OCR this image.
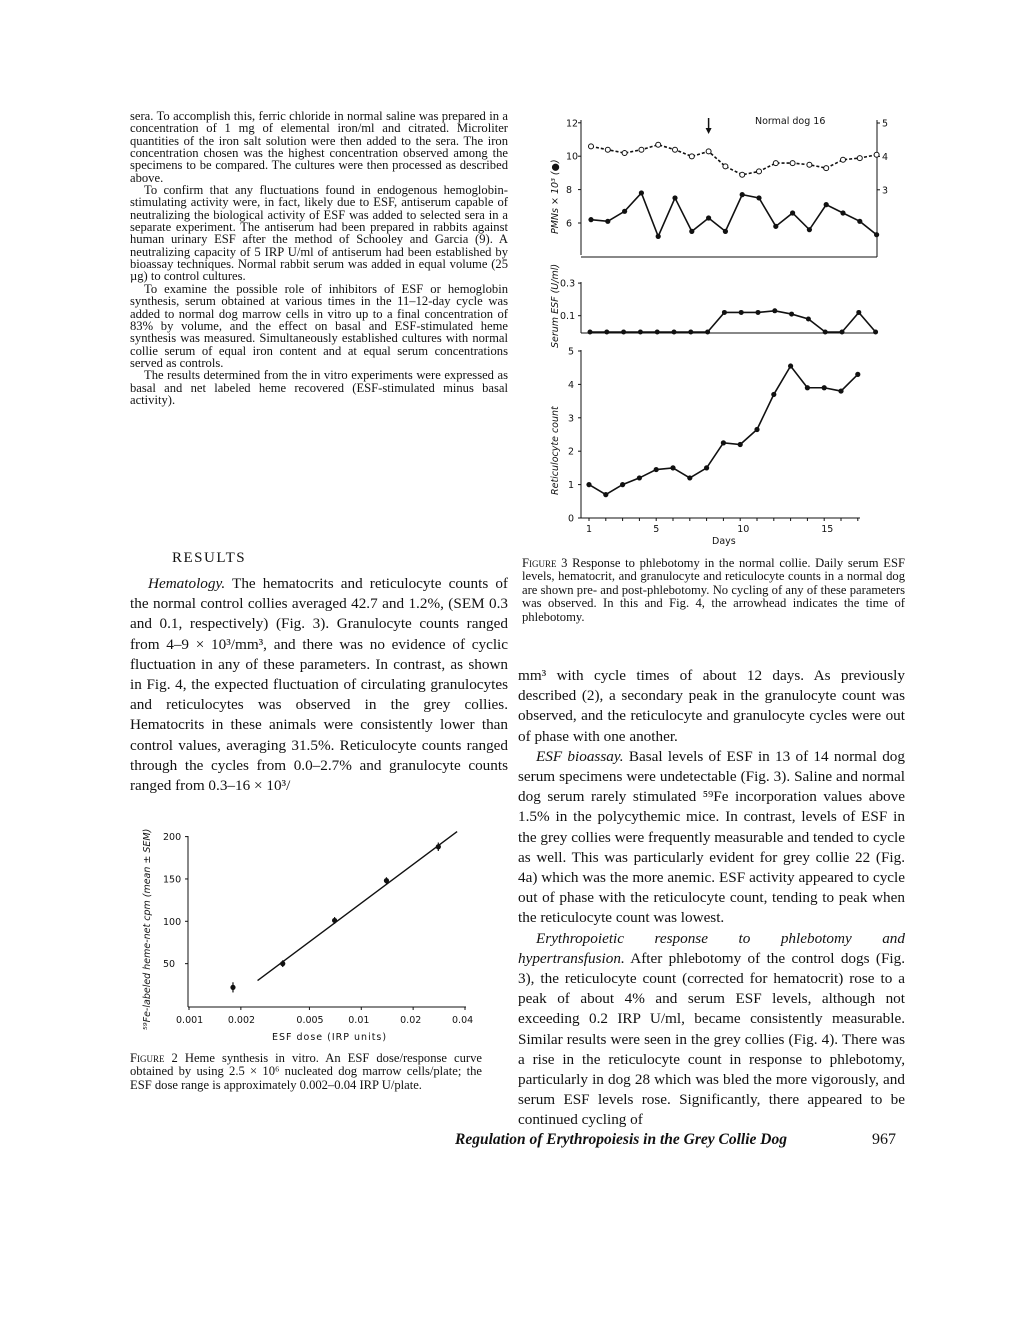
sera. To accomplish this, ferric chloride in normal saline was prepared in a concentration of 1 mg of elemental iron/ml and citrated. Microliter quantities of the iron salt solution were then added to the sera. The iron concentration chosen was the highest concentration observed among the specimens to be compared. The cultures were then processed as described above.

To confirm that any fluctuations found in endogenous hemoglobin-stimulating activity were, in fact, likely due to ESF, antiserum capable of neutralizing the biological activity of ESF was added to selected sera in a separate experiment. The antiserum had been prepared in rabbits against human urinary ESF after the method of Schooley and Garcia (9). A neutralizing capacity of 5 IRP U/ml of antiserum had been established by bioassay techniques. Normal rabbit serum was added in equal volume (25 µg) to control cultures.

To examine the possible role of inhibitors of ESF or hemoglobin synthesis, serum obtained at various times in the 11–12-day cycle was added to normal dog marrow cells in vitro up to a final concentration of 83% by volume, and the effect on basal and ESF-stimulated heme synthesis was measured. Simultaneously established cultures with normal collie serum of equal iron content and at equal serum concentrations served as controls.

The results determined from the in vitro experiments were expressed as basal and net labeled heme recovered (ESF-stimulated minus basal activity).

RESULTS

Hematology. The hematocrits and reticulocyte counts of the normal control collies averaged 42.7 and 1.2%, (SEM 0.3 and 0.1, respectively) (Fig. 3). Granulocyte counts ranged from 4–9 × 10³/mm³, and there was no evidence of cyclic fluctuation in any of these parameters. In contrast, as shown in Fig. 4, the expected fluctuation of circulating granulocytes and reticulocytes was observed in the grey collies. Hematocrits in these animals were consistently lower than control values, averaging 31.5%. Reticulocyte counts ranged through the cycles from 0.0–2.7% and granulocyte counts ranged from 0.3–16 × 10³/

Figure 3 Response to phlebotomy in the normal collie. Daily serum ESF levels, hematocrit, and granulocyte and reticulocyte counts in a normal dog are shown pre- and post-phlebotomy. No cycling of any of these parameters was observed. In this and Fig. 4, the arrowhead indicates the time of phlebotomy.

mm³ with cycle times of about 12 days. As previously described (2), a secondary peak in the granulocyte count was observed, and the reticulocyte and granulocyte cycles were out of phase with one another.

ESF bioassay. Basal levels of ESF in 13 of 14 normal dog serum specimens were undetectable (Fig. 3). Saline and normal dog serum rarely stimulated ⁵⁹Fe incorporation values above 1.5% in the polycythemic mice. In contrast, levels of ESF in the grey collies were frequently measurable and tended to cycle as well. This was particularly evident for grey collie 22 (Fig. 4a) which was the more anemic. ESF activity appeared to cycle out of phase with the reticulocyte count, tending to peak when the reticulocyte count was lowest.

Erythropoietic response to phlebotomy and hypertransfusion. After phlebotomy of the control dogs (Fig. 3), the reticulocyte count (corrected for hematocrit) rose to a peak of about 4% and serum ESF levels, although not exceeding 0.2 IRP U/ml, became consistently measurable. Similar results were seen in the grey collies (Fig. 4). There was a rise in the reticulocyte count in response to phlebotomy, particularly in dog 28 which was bled the more vigorously, and serum ESF levels rose. Significantly, there appeared to be continued cycling of

Figure 2 Heme synthesis in vitro. An ESF dose/response curve obtained by using 2.5 × 10⁶ nucleated dog marrow cells/plate; the ESF dose range is approximately 0.002–0.04 IRP U/plate.
Regulation of Erythropoiesis in the Grey Collie Dog	967
Normal dog 16
PMNs × 10³ (●)
Serum ESF (U/ml)
Reticulocyte count
Days
⁵⁹Fe-labeled heme-net cpm (mean ± SEM)
ESF dose (IRP units)
6
8
10
12
3
4
5
0.1
0.3
0
1
2
3
4
5
1	5	10	15
50
100
150
200
0.001	0.002	0.005	0.01	0.02	0.04
